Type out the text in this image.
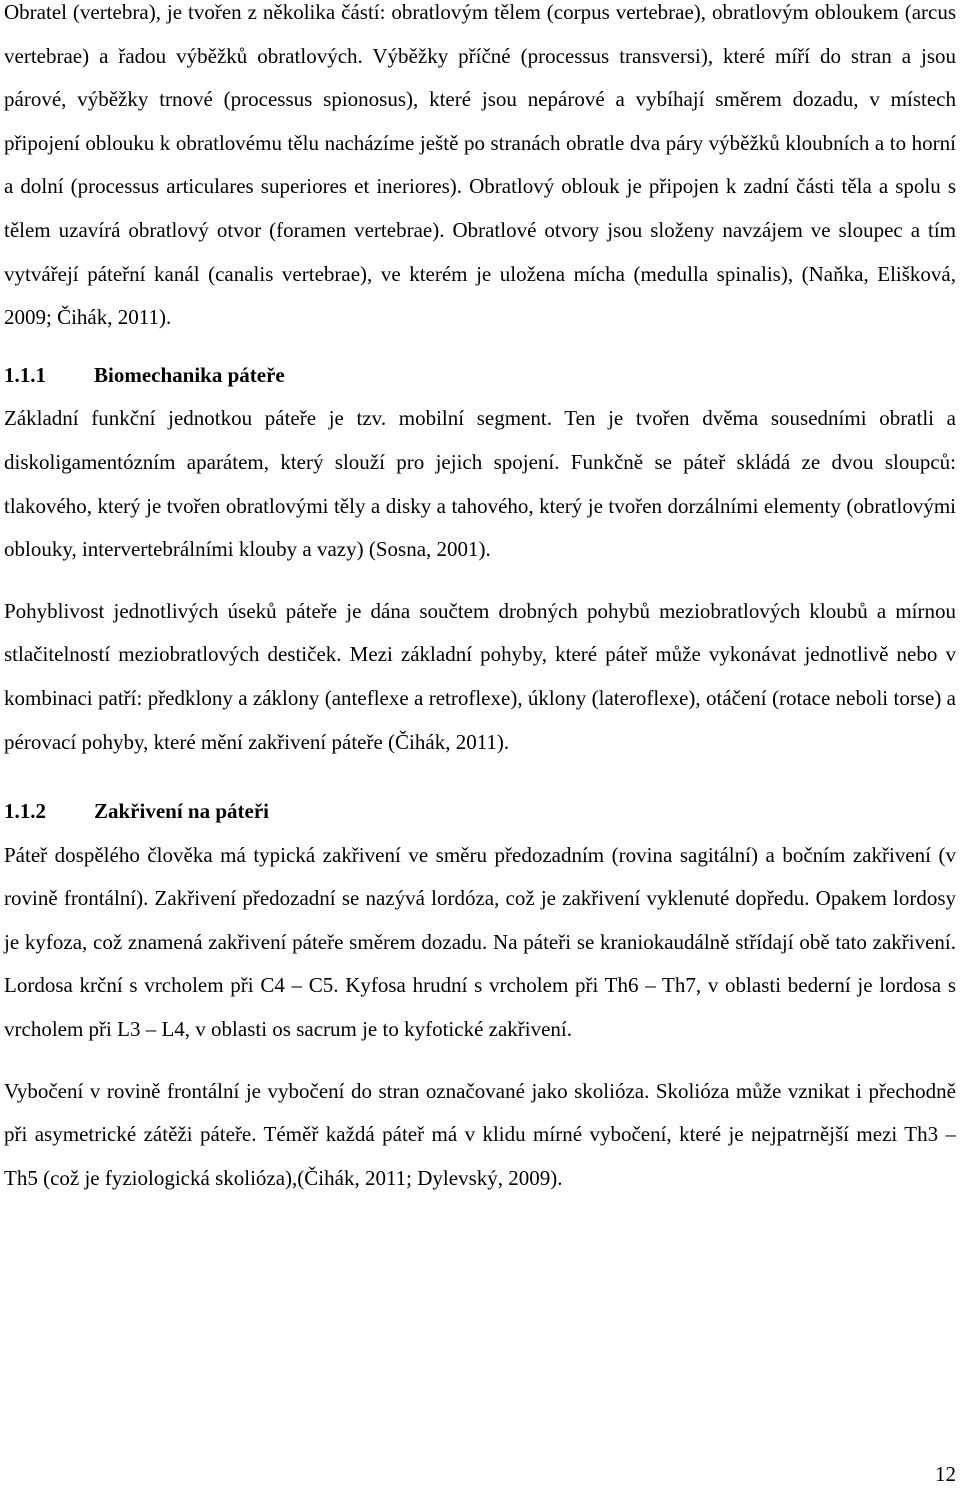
Obratel (vertebra), je tvořen z několika částí: obratlovým tělem (corpus vertebrae), obratlovým obloukem (arcus vertebrae) a řadou výběžků obratlových. Výběžky příčné (processus transversi), které míří do stran a jsou párové, výběžky trnové (processus spionosus), které jsou nepárové a vybíhají směrem dozadu, v místech připojení oblouku k obratlovému tělu nacházíme ještě po stranách obratle dva páry výběžků kloubních a to horní a dolní (processus articulares superiores et ineriores). Obratlový oblouk je připojen k zadní části těla a spolu s tělem uzavírá obratlový otvor (foramen vertebrae). Obratlové otvory jsou složeny navzájem ve sloupec a tím vytvářejí páteřní kanál (canalis vertebrae), ve kterém je uložena mícha (medulla spinalis), (Naňka, Elišková, 2009; Čihák, 2011).

1.1.1	Biomechanika páteře

Základní funkční jednotkou páteře je tzv. mobilní segment. Ten je tvořen dvěma sousedními obratli a diskoligamentózním aparátem, který slouží pro jejich spojení. Funkčně se páteř skládá ze dvou sloupců: tlakového, který je tvořen obratlovými těly a disky a tahového, který je tvořen dorzálními elementy (obratlovými oblouky, intervertebrálními klouby a vazy) (Sosna, 2001).

Pohyblivost jednotlivých úseků páteře je dána součtem drobných pohybů meziobratlových kloubů a mírnou stlačitelností meziobratlových destiček. Mezi základní pohyby, které páteř může vykonávat jednotlivě nebo v kombinaci patří: předklony a záklony (anteflexe a retroflexe), úklony (lateroflexe), otáčení (rotace neboli torse) a pérovací pohyby, které mění zakřivení páteře (Čihák, 2011).

1.1.2	Zakřivení na páteři

Páteř dospělého člověka má typická zakřivení ve směru předozadním (rovina sagitální) a bočním zakřivení (v rovině frontální). Zakřivení předozadní se nazývá lordóza, což je zakřivení vyklenuté dopředu. Opakem lordosy je kyfoza, což znamená zakřivení páteře směrem dozadu. Na páteři se kraniokaudálně střídají obě tato zakřivení. Lordosa krční s vrcholem při C4 – C5. Kyfosa hrudní s vrcholem při Th6 – Th7, v oblasti bederní je lordosa s vrcholem při L3 – L4, v oblasti os sacrum je to kyfotické zakřivení.

Vybočení v rovině frontální je vybočení do stran označované jako skolióza. Skolióza může vznikat i přechodně při asymetrické zátěži páteře. Téměř každá páteř má v klidu mírné vybočení, které je nejpatrnější mezi Th3 – Th5 (což je fyziologická skolióza),(Čihák, 2011; Dylevský, 2009).

12
